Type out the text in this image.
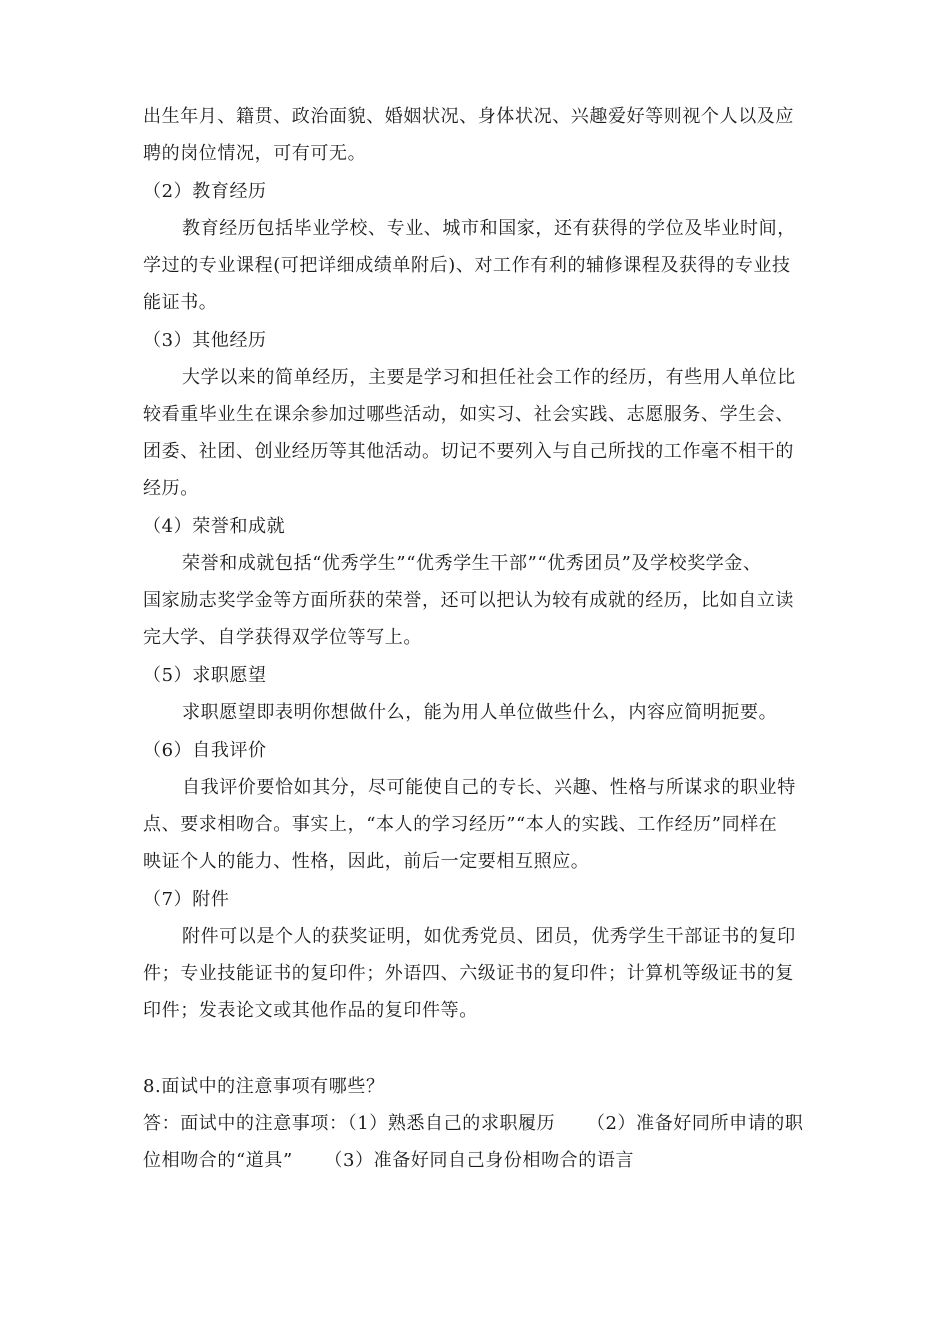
出生年月、籍贯、政治面貌、婚姻状况、身体状况、兴趣爱好等则视个人以及应
聘的岗位情况，可有可无。
（2）教育经历
教育经历包括毕业学校、专业、城市和国家，还有获得的学位及毕业时间，
学过的专业课程(可把详细成绩单附后)、对工作有利的辅修课程及获得的专业技
能证书。
（3）其他经历
大学以来的简单经历，主要是学习和担任社会工作的经历，有些用人单位比
较看重毕业生在课余参加过哪些活动，如实习、社会实践、志愿服务、学生会、
团委、社团、创业经历等其他活动。切记不要列入与自己所找的工作毫不相干的
经历。
（4）荣誉和成就
荣誉和成就包括“优秀学生”“优秀学生干部”“优秀团员”及学校奖学金、
国家励志奖学金等方面所获的荣誉，还可以把认为较有成就的经历，比如自立读
完大学、自学获得双学位等写上。
（5）求职愿望
求职愿望即表明你想做什么，能为用人单位做些什么，内容应简明扼要。
（6）自我评价
自我评价要恰如其分，尽可能使自己的专长、兴趣、性格与所谋求的职业特
点、要求相吻合。事实上，“本人的学习经历”“本人的实践、工作经历”同样在
映证个人的能力、性格，因此，前后一定要相互照应。
（7）附件
附件可以是个人的获奖证明，如优秀党员、团员，优秀学生干部证书的复印
件；专业技能证书的复印件；外语四、六级证书的复印件；计算机等级证书的复
印件；发表论文或其他作品的复印件等。
8.面试中的注意事项有哪些？
答：面试中的注意事项：（1）熟悉自己的求职履历     （2）准备好同所申请的职
位相吻合的“道具”     （3）准备好同自己身份相吻合的语言
